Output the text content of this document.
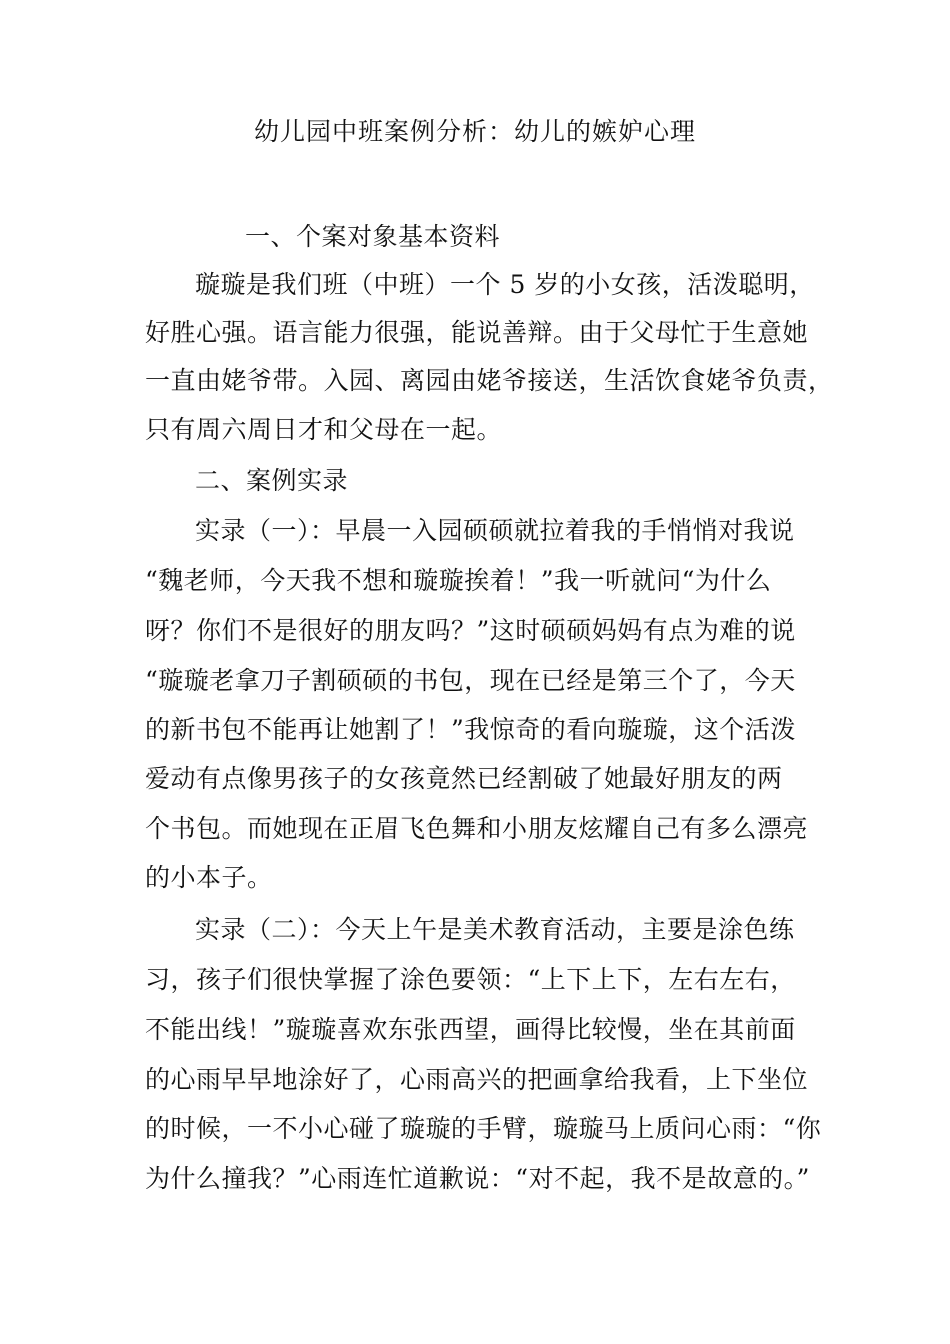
幼儿园中班案例分析：幼儿的嫉妒心理
一、个案对象基本资料
璇璇是我们班（中班）一个 5 岁的小女孩，活泼聪明，
好胜心强。语言能力很强，能说善辩。由于父母忙于生意她
一直由姥爷带。入园、离园由姥爷接送，生活饮食姥爷负责，
只有周六周日才和父母在一起。
二、案例实录
实录（一）：早晨一入园硕硕就拉着我的手悄悄对我说
“魏老师，今天我不想和璇璇挨着！”我一听就问“为什么
呀？你们不是很好的朋友吗？”这时硕硕妈妈有点为难的说
“璇璇老拿刀子割硕硕的书包，现在已经是第三个了，今天
的新书包不能再让她割了！”我惊奇的看向璇璇，这个活泼
爱动有点像男孩子的女孩竟然已经割破了她最好朋友的两
个书包。而她现在正眉飞色舞和小朋友炫耀自己有多么漂亮
的小本子。
实录（二）：今天上午是美术教育活动，主要是涂色练
习，孩子们很快掌握了涂色要领：“上下上下，左右左右，
不能出线！”璇璇喜欢东张西望，画得比较慢，坐在其前面
的心雨早早地涂好了，心雨高兴的把画拿给我看，上下坐位
的时候，一不小心碰了璇璇的手臂，璇璇马上质问心雨：“你
为什么撞我？”心雨连忙道歉说：“对不起，我不是故意的。”
